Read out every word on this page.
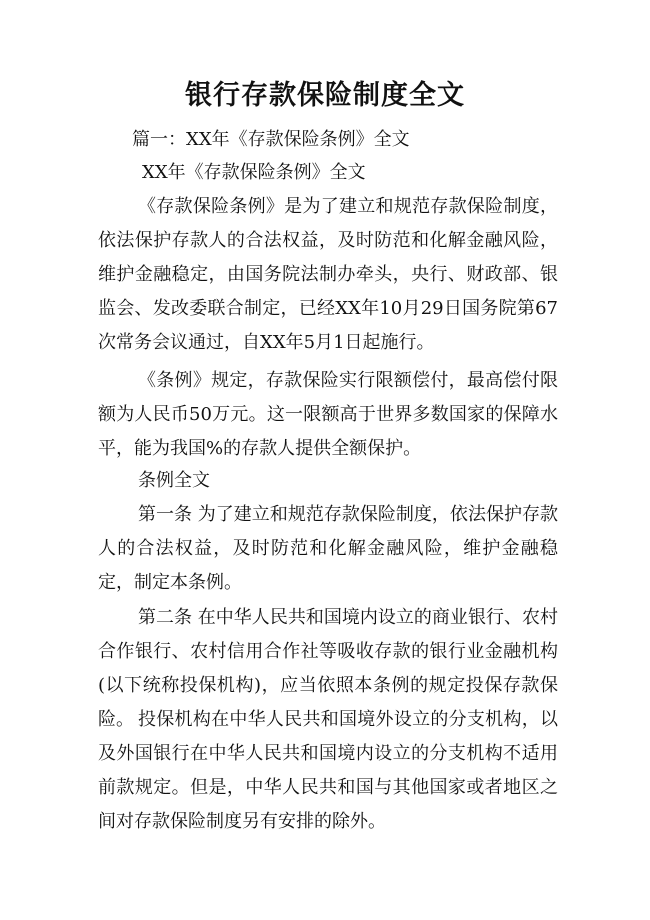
银行存款保险制度全文
篇一：XX年《存款保险条例》全文
XX年《存款保险条例》全文

《存款保险条例》是为了建立和规范存款保险制度，依法保护存款人的合法权益，及时防范和化解金融风险，维护金融稳定，由国务院法制办牵头，央行、财政部、银监会、发改委联合制定，已经XX年10月29日国务院第67次常务会议通过，自XX年5月1日起施行。

《条例》规定，存款保险实行限额偿付，最高偿付限额为人民币50万元。这一限额高于世界多数国家的保障水平，能为我国%的存款人提供全额保护。

条例全文

第一条 为了建立和规范存款保险制度，依法保护存款人的合法权益，及时防范和化解金融风险，维护金融稳定，制定本条例。

第二条 在中华人民共和国境内设立的商业银行、农村合作银行、农村信用合作社等吸收存款的银行业金融机构(以下统称投保机构)，应当依照本条例的规定投保存款保险。 投保机构在中华人民共和国境外设立的分支机构，以及外国银行在中华人民共和国境内设立的分支机构不适用前款规定。但是，中华人民共和国与其他国家或者地区之间对存款保险制度另有安排的除外。
